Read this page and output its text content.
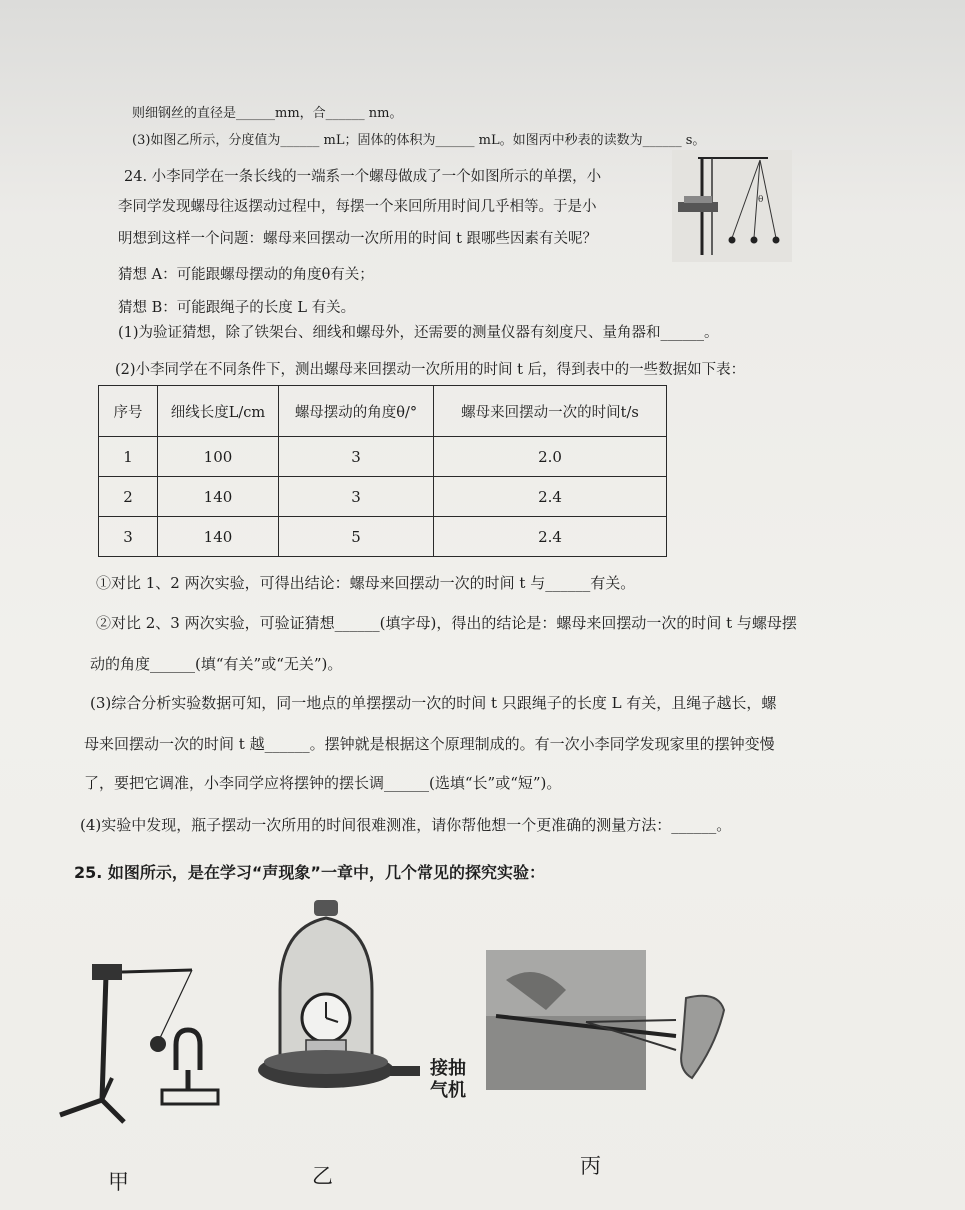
则细钢丝的直径是______mm，合______ nm。
(3)如图乙所示，分度值为______ mL；固体的体积为______ mL。如图丙中秒表的读数为______ s。
24. 小李同学在一条长线的一端系一个螺母做成了一个如图所示的单摆，小
李同学发现螺母往返摆动过程中，每摆一个来回所用时间几乎相等。于是小
明想到这样一个问题：螺母来回摆动一次所用的时间 t 跟哪些因素有关呢？
猜想 A：可能跟螺母摆动的角度θ有关；
猜想 B：可能跟绳子的长度 L 有关。
(1)为验证猜想，除了铁架台、细线和螺母外，还需要的测量仪器有刻度尺、量角器和______。
(2)小李同学在不同条件下，测出螺母来回摆动一次所用的时间 t 后，得到表中的一些数据如下表：
θ
序号	细线长度L/cm	螺母摆动的角度θ/°	螺母来回摆动一次的时间t/s
1	100	3	2.0
2	140	3	2.4
3	140	5	2.4
①对比 1、2 两次实验，可得出结论：螺母来回摆动一次的时间 t 与______有关。
②对比 2、3 两次实验，可验证猜想______(填字母)，得出的结论是：螺母来回摆动一次的时间 t 与螺母摆
动的角度______(填“有关”或“无关”)。
(3)综合分析实验数据可知，同一地点的单摆摆动一次的时间 t 只跟绳子的长度 L 有关，且绳子越长，螺
母来回摆动一次的时间 t 越______。摆钟就是根据这个原理制成的。有一次小李同学发现家里的摆钟变慢
了，要把它调准，小李同学应将摆钟的摆长调______(选填“长”或“短”)。
(4)实验中发现，瓶子摆动一次所用的时间很难测准，请你帮他想一个更准确的测量方法：______。
25. 如图所示，是在学习“声现象”一章中，几个常见的探究实验：
接抽
气机
甲	乙	丙
